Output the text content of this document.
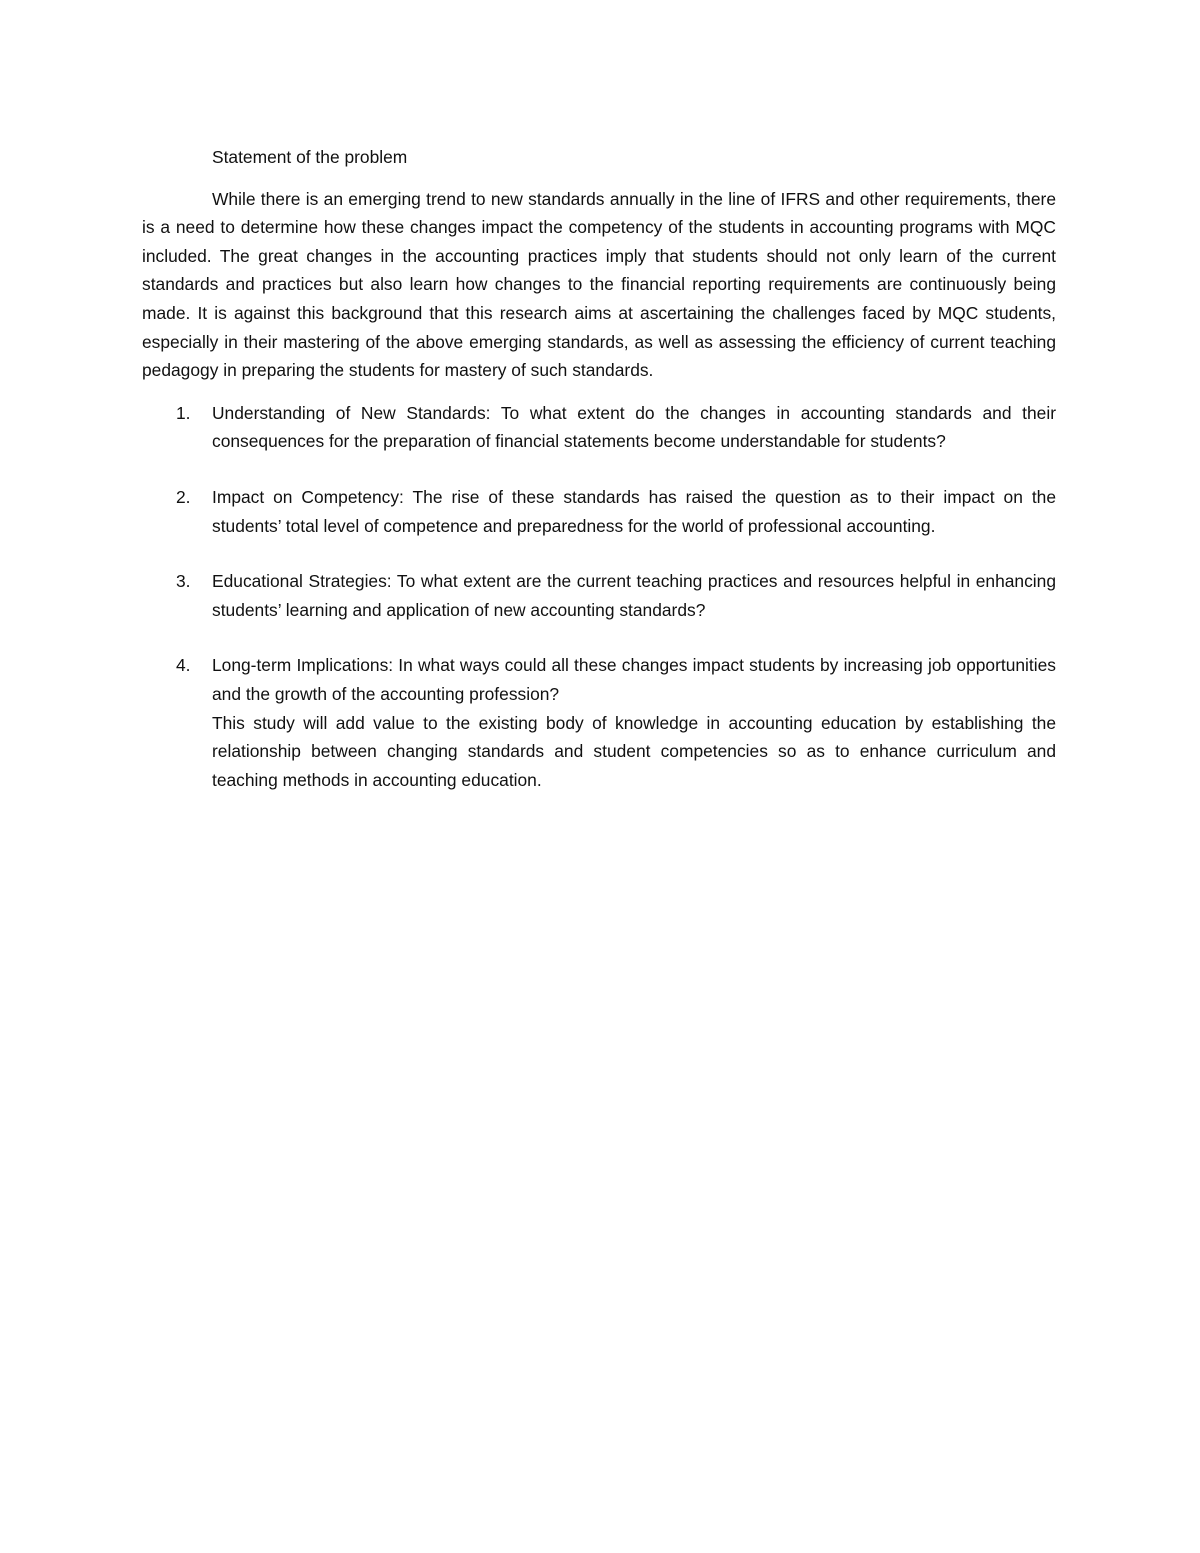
Statement of the problem

While there is an emerging trend to new standards annually in the line of IFRS and other requirements, there is a need to determine how these changes impact the competency of the students in accounting programs with MQC included. The great changes in the accounting practices imply that students should not only learn of the current standards and practices but also learn how changes to the financial reporting requirements are continuously being made. It is against this background that this research aims at ascertaining the challenges faced by MQC students, especially in their mastering of the above emerging standards, as well as assessing the efficiency of current teaching pedagogy in preparing the students for mastery of such standards.

1. Understanding of New Standards: To what extent do the changes in accounting standards and their consequences for the preparation of financial statements become understandable for students?
2. Impact on Competency: The rise of these standards has raised the question as to their impact on the students’ total level of competence and preparedness for the world of professional accounting.
3. Educational Strategies: To what extent are the current teaching practices and resources helpful in enhancing students’ learning and application of new accounting standards?
4. Long-term Implications: In what ways could all these changes impact students by increasing job opportunities and the growth of the accounting profession?
This study will add value to the existing body of knowledge in accounting education by establishing the relationship between changing standards and student competencies so as to enhance curriculum and teaching methods in accounting education.
